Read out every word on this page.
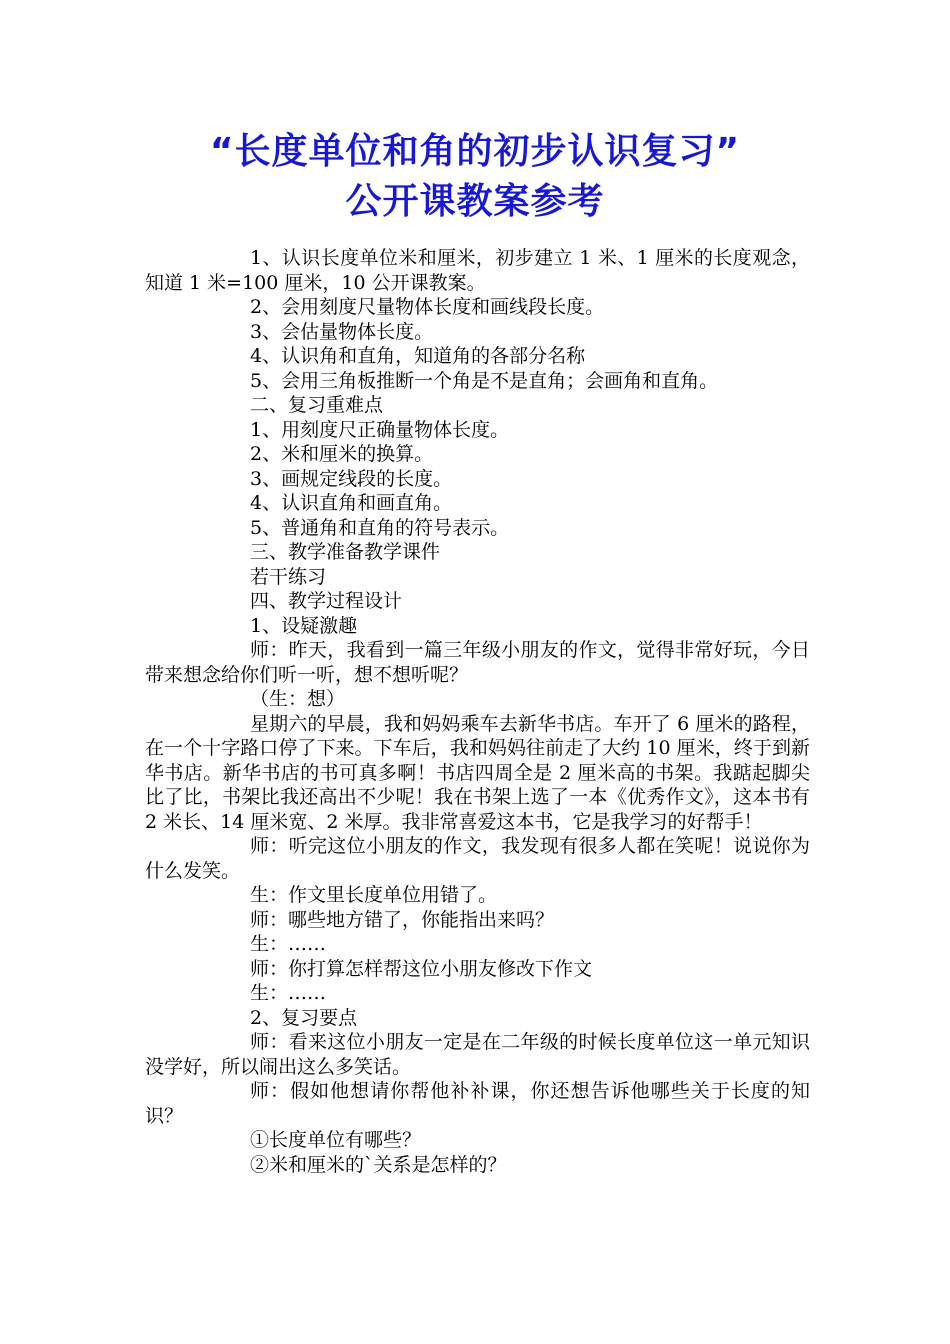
“长度单位和角的初步认识复习”
公开课教案参考

1、认识长度单位米和厘米，初步建立 1 米、1 厘米的长度观念，知道 1 米=100 厘米，10 公开课教案。

2、会用刻度尺量物体长度和画线段长度。

3、会估量物体长度。

4、认识角和直角，知道角的各部分名称

5、会用三角板推断一个角是不是直角；会画角和直角。

二、复习重难点

1、用刻度尺正确量物体长度。

2、米和厘米的换算。

3、画规定线段的长度。

4、认识直角和画直角。

5、普通角和直角的符号表示。

三、教学准备教学课件

若干练习

四、教学过程设计

1、设疑激趣

师：昨天，我看到一篇三年级小朋友的作文，觉得非常好玩，今日带来想念给你们听一听，想不想听呢？

（生：想）

星期六的早晨，我和妈妈乘车去新华书店。车开了 6 厘米的路程，在一个十字路口停了下来。下车后，我和妈妈往前走了大约 10 厘米，终于到新华书店。新华书店的书可真多啊！书店四周全是 2 厘米高的书架。我踮起脚尖比了比，书架比我还高出不少呢！我在书架上选了一本《优秀作文》，这本书有 2 米长、14 厘米宽、2 米厚。我非常喜爱这本书，它是我学习的好帮手！

师：听完这位小朋友的作文，我发现有很多人都在笑呢！说说你为什么发笑。

生：作文里长度单位用错了。

师：哪些地方错了，你能指出来吗？

生：……

师：你打算怎样帮这位小朋友修改下作文

生：……

2、复习要点

师：看来这位小朋友一定是在二年级的时候长度单位这一单元知识没学好，所以闹出这么多笑话。

师：假如他想请你帮他补补课，你还想告诉他哪些关于长度的知识？

①长度单位有哪些？

②米和厘米的`关系是怎样的？
